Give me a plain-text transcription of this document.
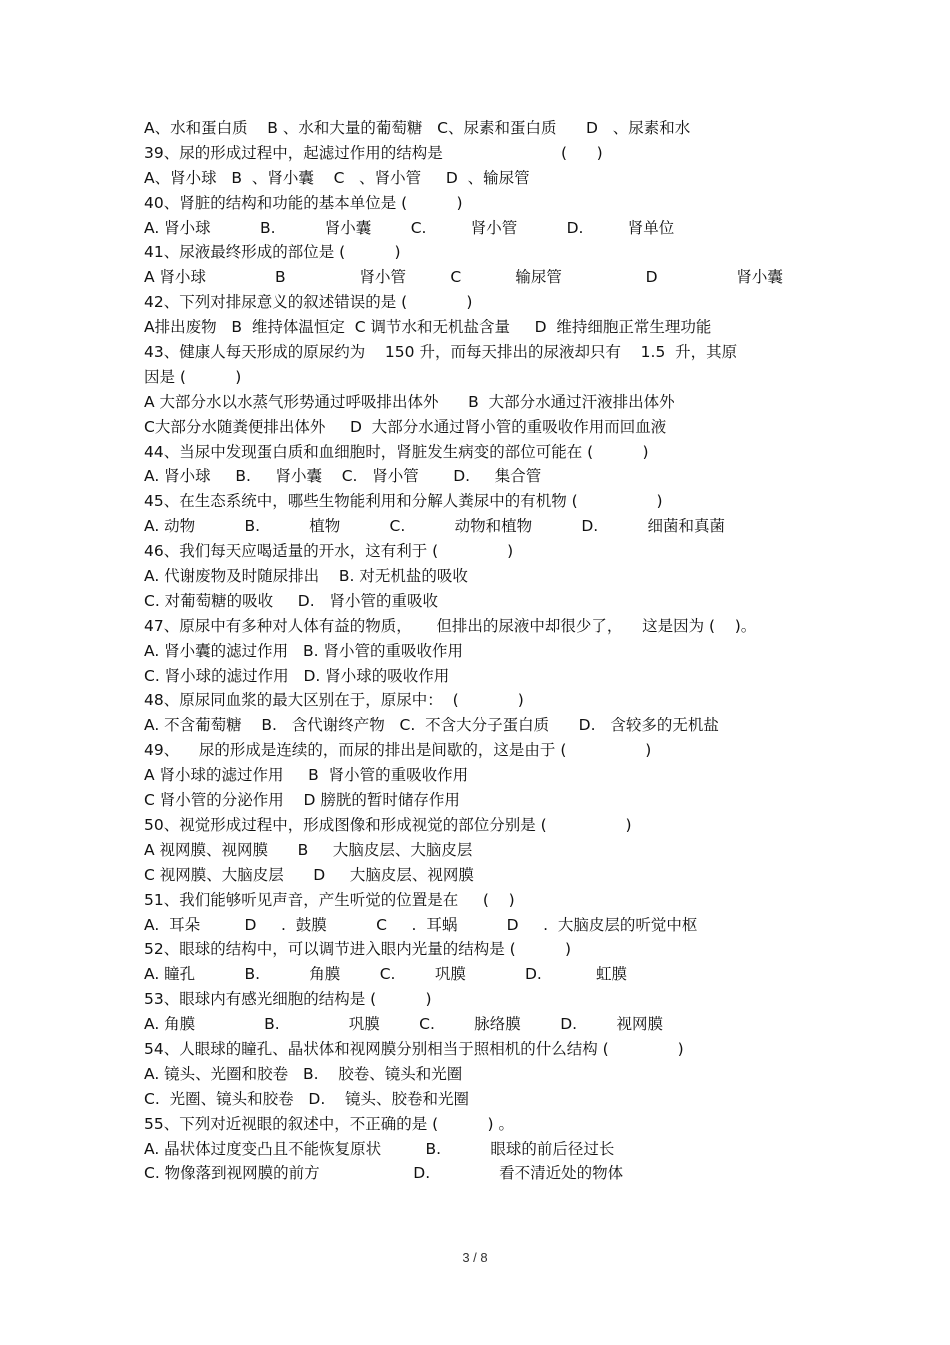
A、水和蛋白质    B 、水和大量的葡萄糖   C、尿素和蛋白质      D   、尿素和水
39、尿的形成过程中，起滤过作用的结构是                        (      )
A、肾小球   B  、肾小囊    C   、肾小管     D  、输尿管
40、肾脏的结构和功能的基本单位是 (          )
A. 肾小球          B.          肾小囊        C.         肾小管          D.         肾单位
41、尿液最终形成的部位是 (          )
A 肾小球              B               肾小管         C           输尿管                 D                肾小囊
42、下列对排尿意义的叙述错误的是 (            )
A排出废物   B  维持体温恒定  C 调节水和无机盐含量     D  维持细胞正常生理功能
43、健康人每天形成的原尿约为    150 升，而每天排出的尿液却只有    1.5  升，其原
因是 (          )
A 大部分水以水蒸气形势通过呼吸排出体外      B  大部分水通过汗液排出体外
C大部分水随粪便排出体外     D  大部分水通过肾小管的重吸收作用而回血液
44、当尿中发现蛋白质和血细胞时，肾脏发生病变的部位可能在 (          )
A. 肾小球     B.     肾小囊    C.   肾小管       D.     集合管
45、在生态系统中，哪些生物能利用和分解人粪尿中的有机物 (                )
A. 动物          B.          植物          C.          动物和植物          D.          细菌和真菌
46、我们每天应喝适量的开水，这有利于 (              )
A. 代谢废物及时随尿排出    B. 对无机盐的吸收
C. 对葡萄糖的吸收     D.   肾小管的重吸收
47、原尿中有多种对人体有益的物质，     但排出的尿液中却很少了，    这是因为 (    )。
A. 肾小囊的滤过作用   B. 肾小管的重吸收作用
C. 肾小球的滤过作用   D. 肾小球的吸收作用
48、原尿同血浆的最大区别在于，原尿中：  (            )
A. 不含葡萄糖    B.   含代谢终产物   C.  不含大分子蛋白质      D.   含较多的无机盐
49、    尿的形成是连续的，而尿的排出是间歇的，这是由于 (                )
A 肾小球的滤过作用     B  肾小管的重吸收作用
C 肾小管的分泌作用    D 膀胱的暂时储存作用
50、视觉形成过程中，形成图像和形成视觉的部位分别是 (                )
A 视网膜、视网膜      B     大脑皮层、大脑皮层
C 视网膜、大脑皮层      D     大脑皮层、视网膜
51、我们能够听见声音，产生听觉的位置是在     (    )
A.  耳朵         D     .  鼓膜          C     .  耳蜗          D     .  大脑皮层的听觉中枢
52、眼球的结构中，可以调节进入眼内光量的结构是 (          )
A. 瞳孔          B.          角膜        C.        巩膜            D.           虹膜
53、眼球内有感光细胞的结构是 (          )
A. 角膜              B.              巩膜        C.        脉络膜        D.        视网膜
54、人眼球的瞳孔、晶状体和视网膜分别相当于照相机的什么结构 (              )
A. 镜头、光圈和胶卷   B.    胶卷、镜头和光圈
C.  光圈、镜头和胶卷   D.    镜头、胶卷和光圈
55、下列对近视眼的叙述中，不正确的是 (          ) 。
A. 晶状体过度变凸且不能恢复原状         B.          眼球的前后径过长
C. 物像落到视网膜的前方                   D.              看不清近处的物体
3 / 8
